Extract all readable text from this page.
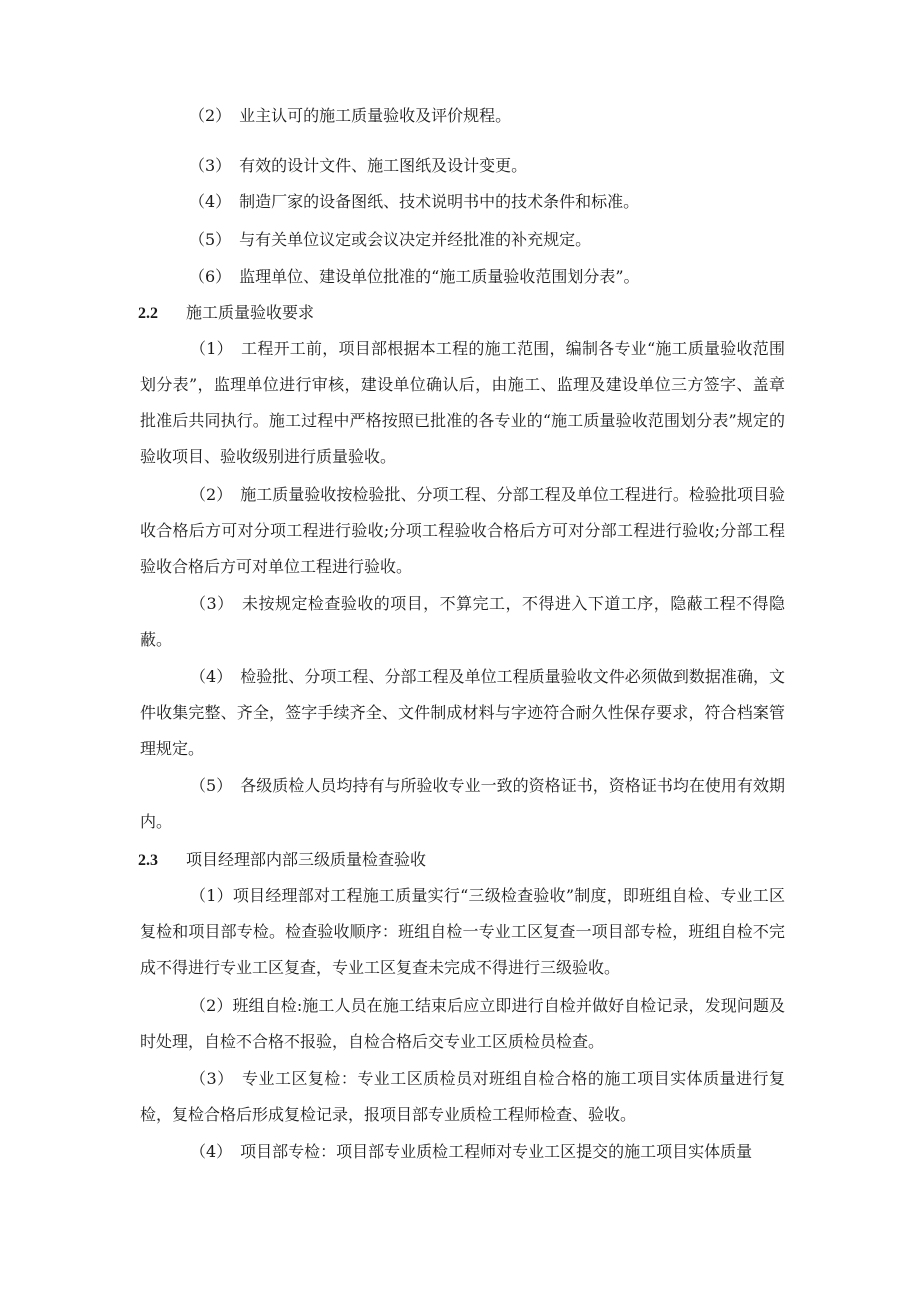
（2）　业主认可的施工质量验收及评价规程。
（3）　有效的设计文件、施工图纸及设计变更。
（4）　制造厂家的设备图纸、技术说明书中的技术条件和标准。
（5）　与有关单位议定或会议决定并经批准的补充规定。
（6）　监理单位、建设单位批准的“施工质量验收范围划分表”。
2.2 施工质量验收要求
（1）　工程开工前，项目部根据本工程的施工范围，编制各专业“施工质量验收范围划分表”，监理单位进行审核，建设单位确认后，由施工、监理及建设单位三方签字、盖章批准后共同执行。施工过程中严格按照已批准的各专业的“施工质量验收范围划分表”规定的验收项目、验收级别进行质量验收。
（2）　施工质量验收按检验批、分项工程、分部工程及单位工程进行。检验批项目验收合格后方可对分项工程进行验收;分项工程验收合格后方可对分部工程进行验收;分部工程验收合格后方可对单位工程进行验收。
（3）　未按规定检查验收的项目，不算完工，不得进入下道工序，隐蔽工程不得隐蔽。
（4）　检验批、分项工程、分部工程及单位工程质量验收文件必须做到数据准确，文件收集完整、齐全，签字手续齐全、文件制成材料与字迹符合耐久性保存要求，符合档案管理规定。
（5）　各级质检人员均持有与所验收专业一致的资格证书，资格证书均在使用有效期内。
2.3 项目经理部内部三级质量检查验收
（1）项目经理部对工程施工质量实行“三级检查验收”制度，即班组自检、专业工区复检和项目部专检。检查验收顺序：班组自检一专业工区复查一项目部专检，班组自检不完成不得进行专业工区复查，专业工区复查未完成不得进行三级验收。
（2）班组自检:施工人员在施工结束后应立即进行自检并做好自检记录，发现问题及时处理，自检不合格不报验，自检合格后交专业工区质检员检查。
（3）　专业工区复检：专业工区质检员对班组自检合格的施工项目实体质量进行复检，复检合格后形成复检记录，报项目部专业质检工程师检查、验收。
（4）　项目部专检：项目部专业质检工程师对专业工区提交的施工项目实体质量
